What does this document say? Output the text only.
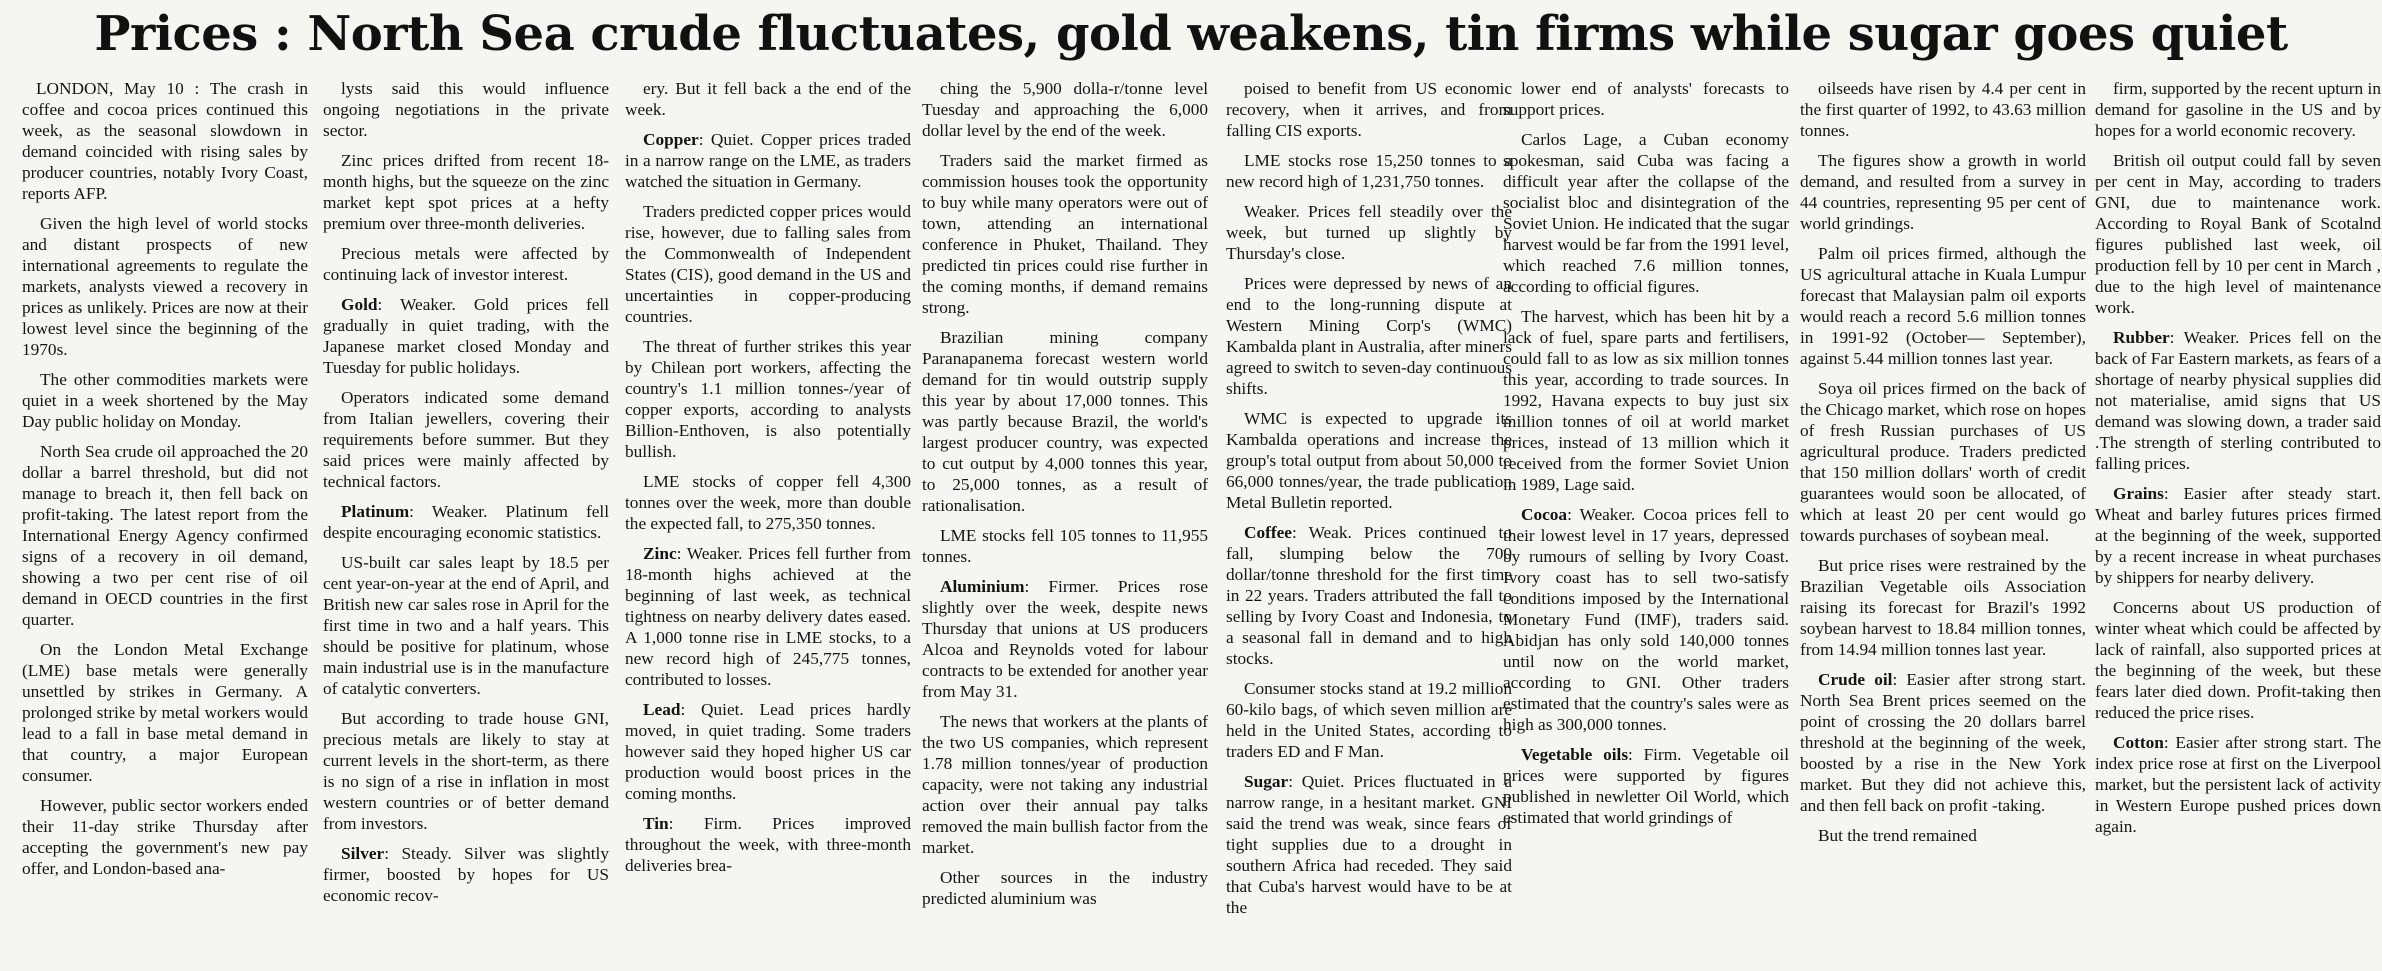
Prices : North Sea crude fluctuates, gold weakens, tin firms while sugar goes quiet

LONDON, May 10 : The crash in coffee and cocoa prices continued this week, as the seasonal slowdown in demand coincided with rising sales by producer countries, notably Ivory Coast, reports AFP.

Given the high level of world stocks and distant prospects of new international agreements to regulate the markets, analysts viewed a recovery in prices as unlikely. Prices are now at their lowest level since the beginning of the 1970s.

The other commodities markets were quiet in a week shortened by the May Day public holiday on Monday.

North Sea crude oil approached the 20 dollar a barrel threshold, but did not manage to breach it, then fell back on profit-taking. The latest report from the International Energy Agency confirmed signs of a recovery in oil demand, showing a two per cent rise of oil demand in OECD countries in the first quarter.

On the London Metal Exchange (LME) base metals were generally unsettled by strikes in Germany. A prolonged strike by metal workers would lead to a fall in base metal demand in that country, a major European consumer.

However, public sector workers ended their 11-day strike Thursday after accepting the government's new pay offer, and London-based ana-

lysts said this would influence ongoing negotiations in the private sector.

Zinc prices drifted from recent 18-month highs, but the squeeze on the zinc market kept spot prices at a hefty premium over three-month deliveries.

Precious metals were affected by continuing lack of investor interest.

Gold: Weaker. Gold prices fell gradually in quiet trading, with the Japanese market closed Monday and Tuesday for public holidays.

Operators indicated some demand from Italian jewellers, covering their requirements before summer. But they said prices were mainly affected by technical factors.

Platinum: Weaker. Platinum fell despite encouraging economic statistics.

US-built car sales leapt by 18.5 per cent year-on-year at the end of April, and British new car sales rose in April for the first time in two and a half years. This should be positive for platinum, whose main industrial use is in the manufacture of catalytic converters.

But according to trade house GNI, precious metals are likely to stay at current levels in the short-term, as there is no sign of a rise in inflation in most western countries or of better demand from investors.

Silver: Steady. Silver was slightly firmer, boosted by hopes for US economic recov-

ery. But it fell back a the end of the week.

Copper: Quiet. Copper prices traded in a narrow range on the LME, as traders watched the situation in Germany.

Traders predicted copper prices would rise, however, due to falling sales from the Commonwealth of Independent States (CIS), good demand in the US and uncertainties in copper-producing countries.

The threat of further strikes this year by Chilean port workers, affecting the country's 1.1 million tonnes-/year of copper exports, according to analysts Billion-Enthoven, is also potentially bullish.

LME stocks of copper fell 4,300 tonnes over the week, more than double the expected fall, to 275,350 tonnes.

Zinc: Weaker. Prices fell further from 18-month highs achieved at the beginning of last week, as technical tightness on nearby delivery dates eased. A 1,000 tonne rise in LME stocks, to a new record high of 245,775 tonnes, contributed to losses.

Lead: Quiet. Lead prices hardly moved, in quiet trading. Some traders however said they hoped higher US car production would boost prices in the coming months.

Tin: Firm. Prices improved throughout the week, with three-month deliveries brea-

ching the 5,900 dolla-r/tonne level Tuesday and approaching the 6,000 dollar level by the end of the week.

Traders said the market firmed as commission houses took the opportunity to buy while many operators were out of town, attending an international conference in Phuket, Thailand. They predicted tin prices could rise further in the coming months, if demand remains strong.

Brazilian mining company Paranapanema forecast western world demand for tin would outstrip supply this year by about 17,000 tonnes. This was partly because Brazil, the world's largest producer country, was expected to cut output by 4,000 tonnes this year, to 25,000 tonnes, as a result of rationalisation.

LME stocks fell 105 tonnes to 11,955 tonnes.

Aluminium: Firmer. Prices rose slightly over the week, despite news Thursday that unions at US producers Alcoa and Reynolds voted for labour contracts to be extended for another year from May 31.

The news that workers at the plants of the two US companies, which represent 1.78 million tonnes/year of production capacity, were not taking any industrial action over their annual pay talks removed the main bullish factor from the market.

Other sources in the industry predicted aluminium was

poised to benefit from US economic recovery, when it arrives, and from falling CIS exports.

LME stocks rose 15,250 tonnes to a new record high of 1,231,750 tonnes.

Weaker. Prices fell steadily over the week, but turned up slightly by Thursday's close.

Prices were depressed by news of an end to the long-running dispute at Western Mining Corp's (WMC) Kambalda plant in Australia, after miners agreed to switch to seven-day continuous shifts.

WMC is expected to upgrade its Kambalda operations and increase the group's total output from about 50,000 to 66,000 tonnes/year, the trade publication Metal Bulletin reported.

Coffee: Weak. Prices continued to fall, slumping below the 700 dollar/tonne threshold for the first time in 22 years. Traders attributed the fall to selling by Ivory Coast and Indonesia, to a seasonal fall in demand and to high stocks.

Consumer stocks stand at 19.2 million 60-kilo bags, of which seven million are held in the United States, according to traders ED and F Man.

Sugar: Quiet. Prices fluctuated in a narrow range, in a hesitant market. GNI said the trend was weak, since fears of tight supplies due to a drought in southern Africa had receded. They said that Cuba's harvest would have to be at the

lower end of analysts' forecasts to support prices.

Carlos Lage, a Cuban economy spokesman, said Cuba was facing a difficult year after the collapse of the socialist bloc and disintegration of the Soviet Union. He indicated that the sugar harvest would be far from the 1991 level, which reached 7.6 million tonnes, according to official figures.

The harvest, which has been hit by a lack of fuel, spare parts and fertilisers, could fall to as low as six million tonnes this year, according to trade sources. In 1992, Havana expects to buy just six million tonnes of oil at world market prices, instead of 13 million which it received from the former Soviet Union in 1989, Lage said.

Cocoa: Weaker. Cocoa prices fell to their lowest level in 17 years, depressed by rumours of selling by Ivory Coast. Ivory coast has to sell two-satisfy conditions imposed by the International Monetary Fund (IMF), traders said. Abidjan has only sold 140,000 tonnes until now on the world market, according to GNI. Other traders estimated that the country's sales were as high as 300,000 tonnes.

Vegetable oils: Firm. Vegetable oil prices were supported by figures published in newletter Oil World, which estimated that world grindings of

oilseeds have risen by 4.4 per cent in the first quarter of 1992, to 43.63 million tonnes.

The figures show a growth in world demand, and resulted from a survey in 44 countries, representing 95 per cent of world grindings.

Palm oil prices firmed, although the US agricultural attache in Kuala Lumpur forecast that Malaysian palm oil exports would reach a record 5.6 million tonnes in 1991-92 (October— September), against 5.44 million tonnes last year.

Soya oil prices firmed on the back of the Chicago market, which rose on hopes of fresh Russian purchases of US agricultural produce. Traders predicted that 150 million dollars' worth of credit guarantees would soon be allocated, of which at least 20 per cent would go towards purchases of soybean meal.

But price rises were restrained by the Brazilian Vegetable oils Association raising its forecast for Brazil's 1992 soybean harvest to 18.84 million tonnes, from 14.94 million tonnes last year.

Crude oil: Easier after strong start. North Sea Brent prices seemed on the point of crossing the 20 dollars barrel threshold at the beginning of the week, boosted by a rise in the New York market. But they did not achieve this, and then fell back on profit -taking.

But the trend remained

firm, supported by the recent upturn in demand for gasoline in the US and by hopes for a world economic recovery.

British oil output could fall by seven per cent in May, according to traders GNI, due to maintenance work. According to Royal Bank of Scotalnd figures published last week, oil production fell by 10 per cent in March , due to the high level of maintenance work.

Rubber: Weaker. Prices fell on the back of Far Eastern markets, as fears of a shortage of nearby physical supplies did not materialise, amid signs that US demand was slowing down, a trader said .The strength of sterling contributed to falling prices.

Grains: Easier after steady start. Wheat and barley futures prices firmed at the beginning of the week, supported by a recent increase in wheat purchases by shippers for nearby delivery.

Concerns about US production of winter wheat which could be affected by lack of rainfall, also supported prices at the beginning of the week, but these fears later died down. Profit-taking then reduced the price rises.

Cotton: Easier after strong start. The index price rose at first on the Liverpool market, but the persistent lack of activity in Western Europe pushed prices down again.
